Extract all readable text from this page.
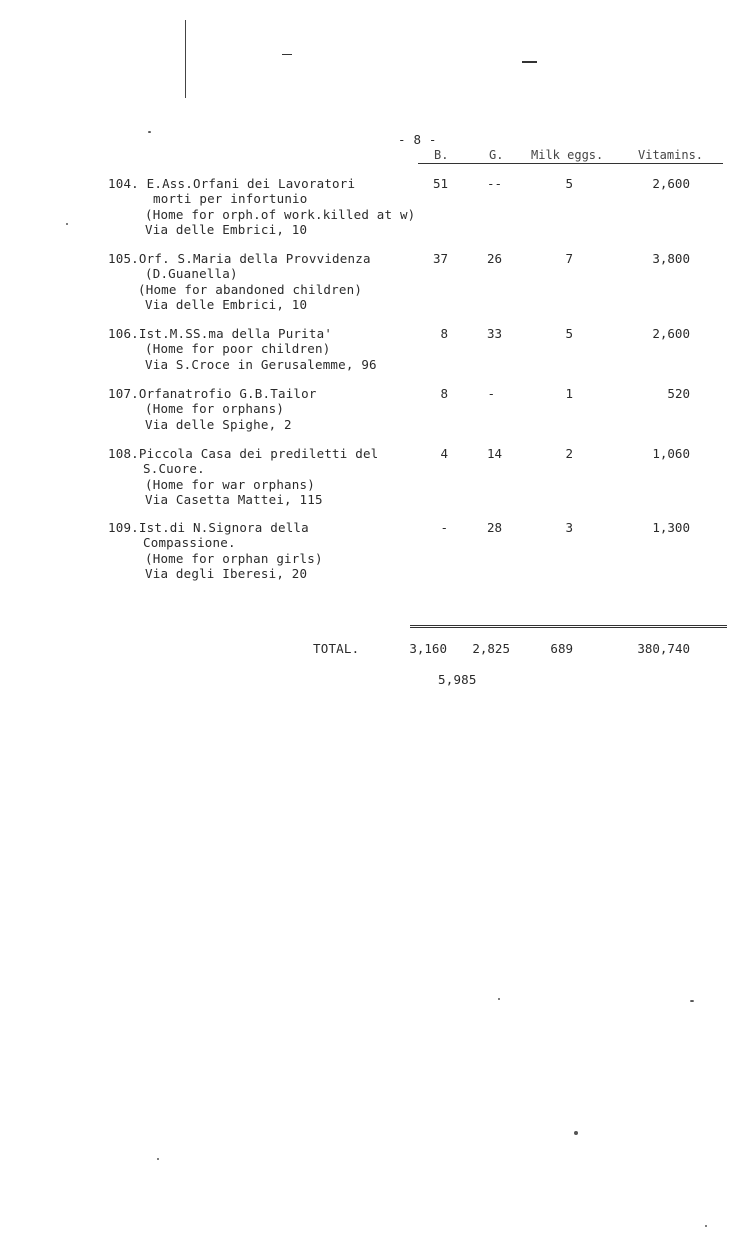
- 8 -
B.	G. Milk eggs.	Vitamins.
104. E.Ass.Orfani dei Lavoratori
morti per infortunio
(Home for orph.of work.killed at w)
Via delle Embrici, 10
51	--	5	2,600
105.Orf. S.Maria della Provvidenza
(D.Guanella)
(Home for abandoned children)
Via delle Embrici, 10
37	26	7	3,800
106.Ist.M.SS.ma della Purita'
(Home for poor children)
Via S.Croce in Gerusalemme, 96
8	33	5	2,600
107.Orfanatrofio G.B.Tailor
(Home for orphans)
Via delle Spighe, 2
8	-	1	520
108.Piccola Casa dei prediletti del
S.Cuore.
(Home for war orphans)
Via Casetta Mattei, 115
4	14	2	1,060
109.Ist.di N.Signora della
Compassione.
(Home for orphan girls)
Via degli Iberesi, 20
-	28	3	1,300
TOTAL.	3,160	2,825	689	380,740
5,985
